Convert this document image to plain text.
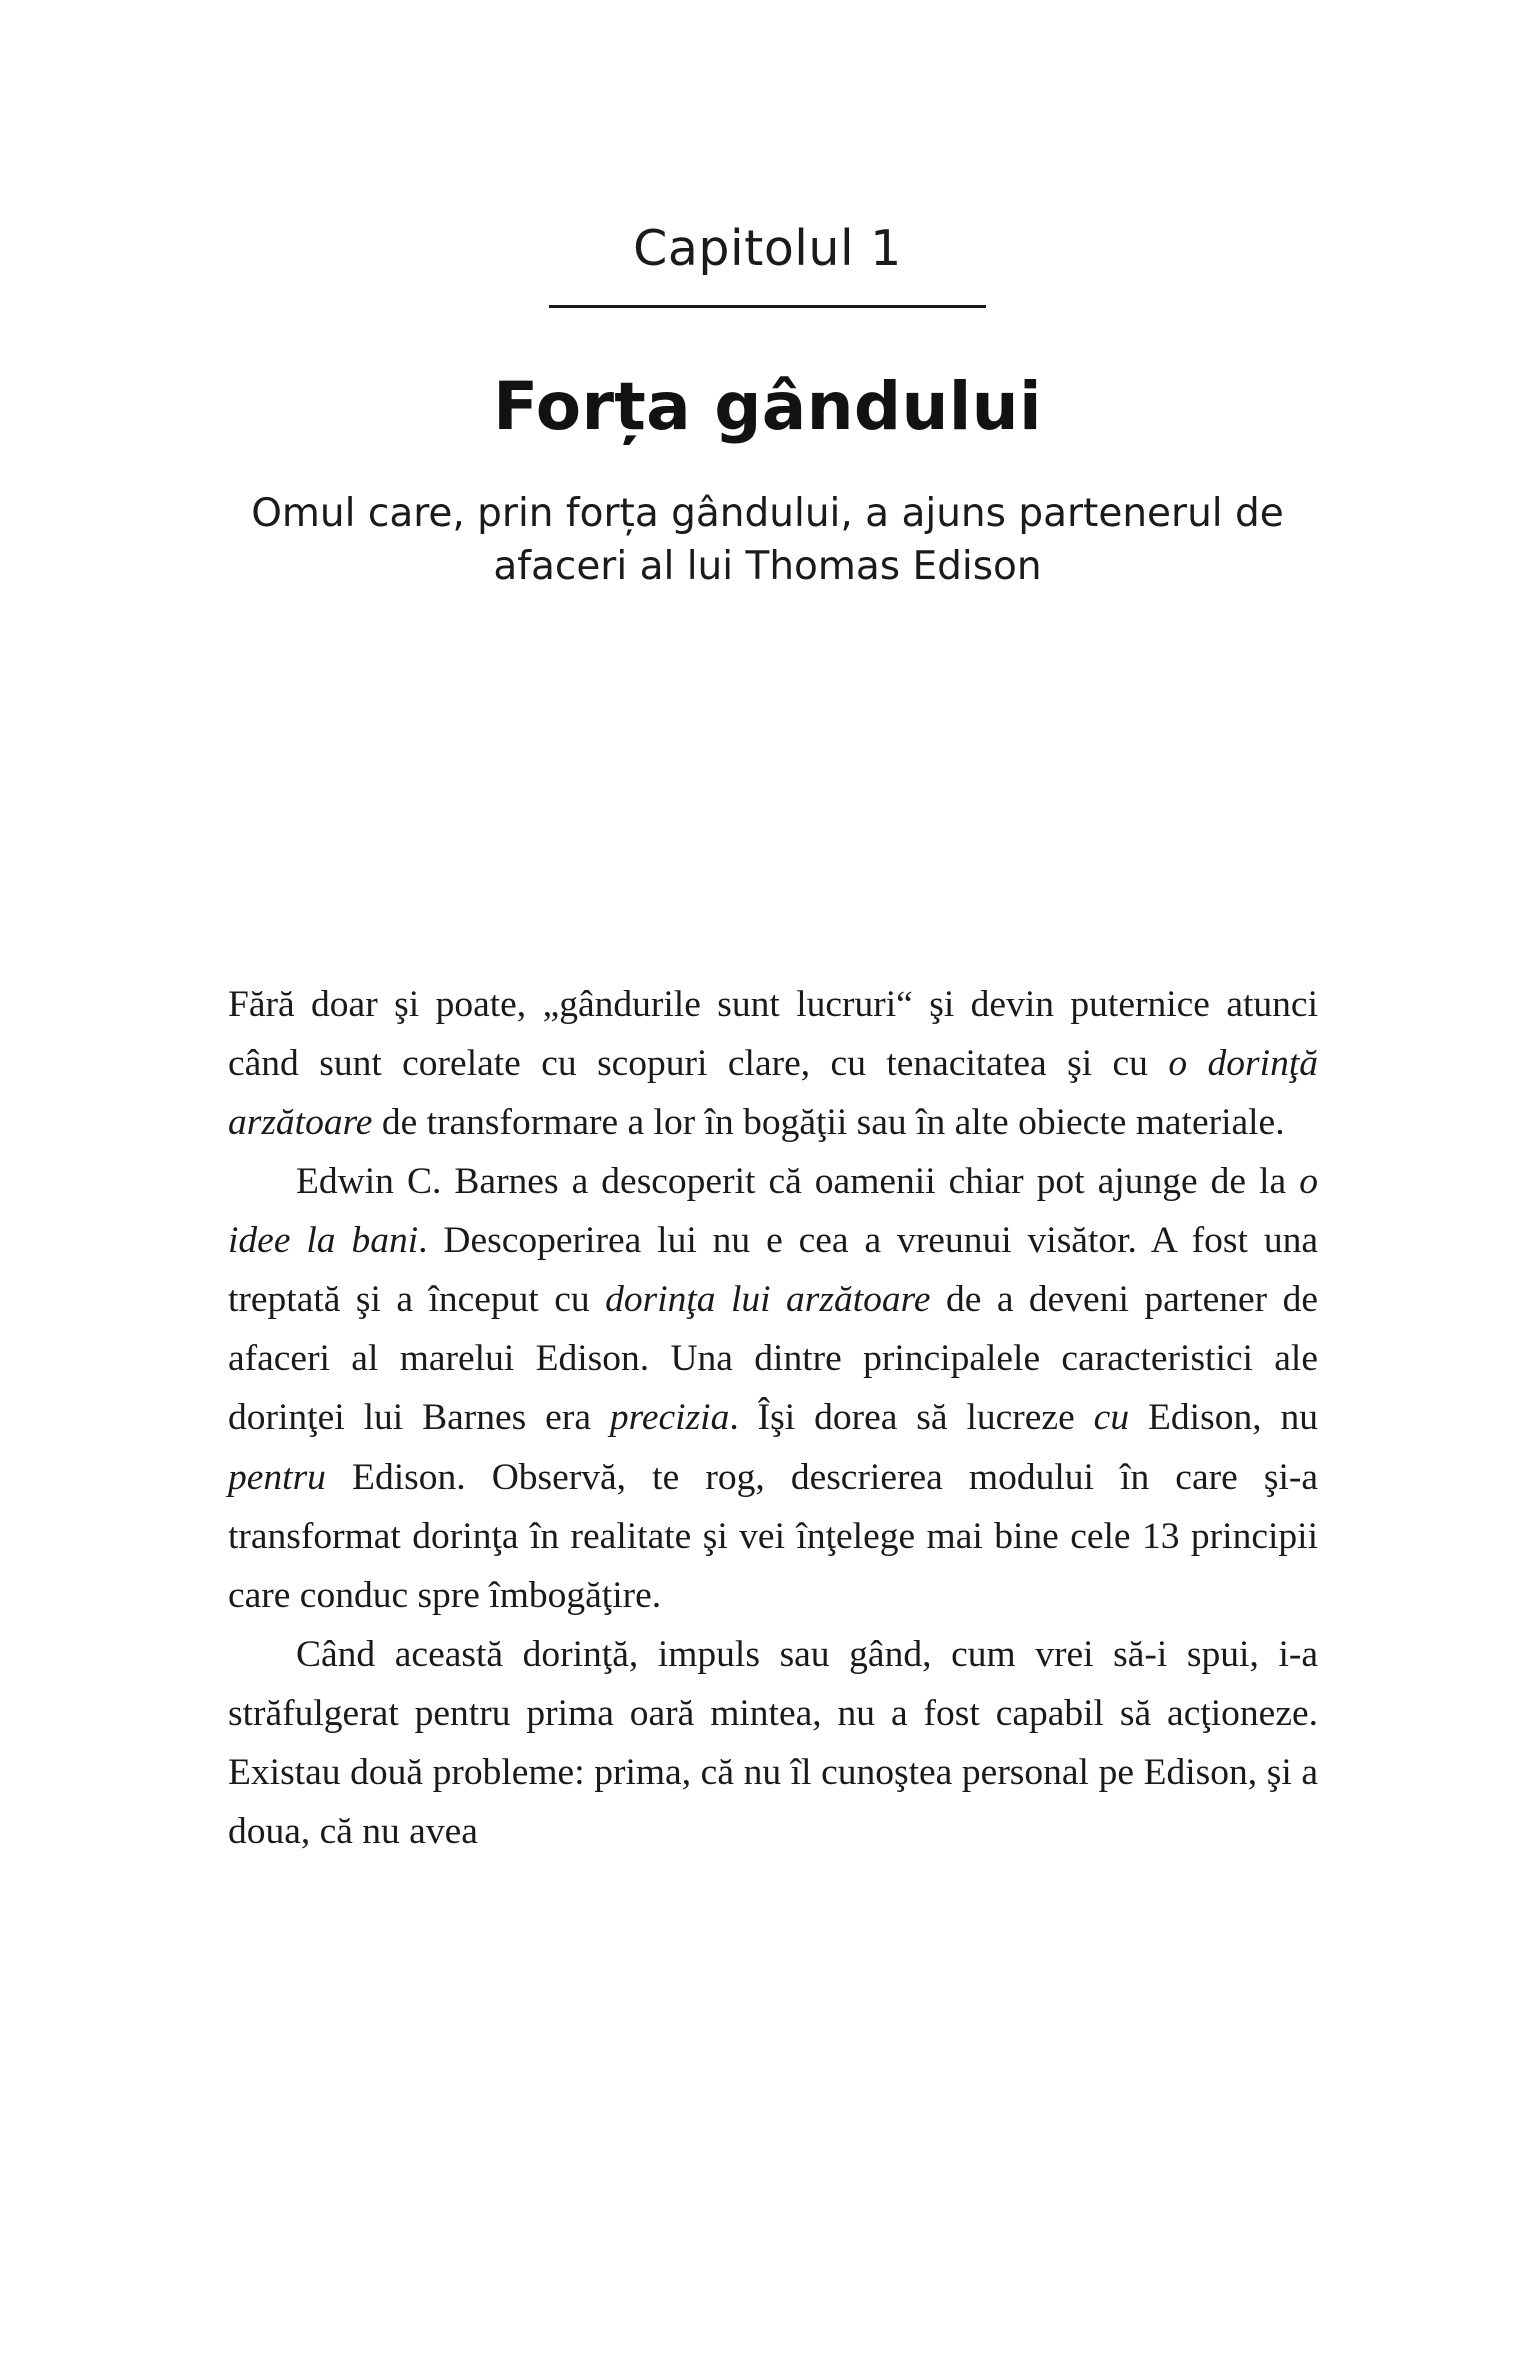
Capitolul 1
Forța gândului
Omul care, prin forța gândului, a ajuns partenerul de afaceri al lui Thomas Edison

Fără doar şi poate, „gândurile sunt lucruri“ şi devin puternice atunci când sunt corelate cu scopuri clare, cu tenacitatea şi cu o dorinţă arzătoare de transformare a lor în bogăţii sau în alte obiecte materiale.

Edwin C. Barnes a descoperit că oamenii chiar pot ajunge de la o idee la bani. Descoperirea lui nu e cea a vreunui visător. A fost una treptată şi a început cu dorinţa lui arzătoare de a deveni partener de afaceri al marelui Edison. Una dintre principalele caracteristici ale dorinţei lui Barnes era precizia. Îşi dorea să lucreze cu Edison, nu pentru Edison. Observă, te rog, descrierea modului în care şi-a transformat dorinţa în realitate şi vei înţelege mai bine cele 13 principii care conduc spre îmbogăţire.

Când această dorinţă, impuls sau gând, cum vrei să-i spui, i-a străfulgerat pentru prima oară mintea, nu a fost capabil să acţioneze. Existau două probleme: prima, că nu îl cunoştea personal pe Edison, şi a doua, că nu avea
